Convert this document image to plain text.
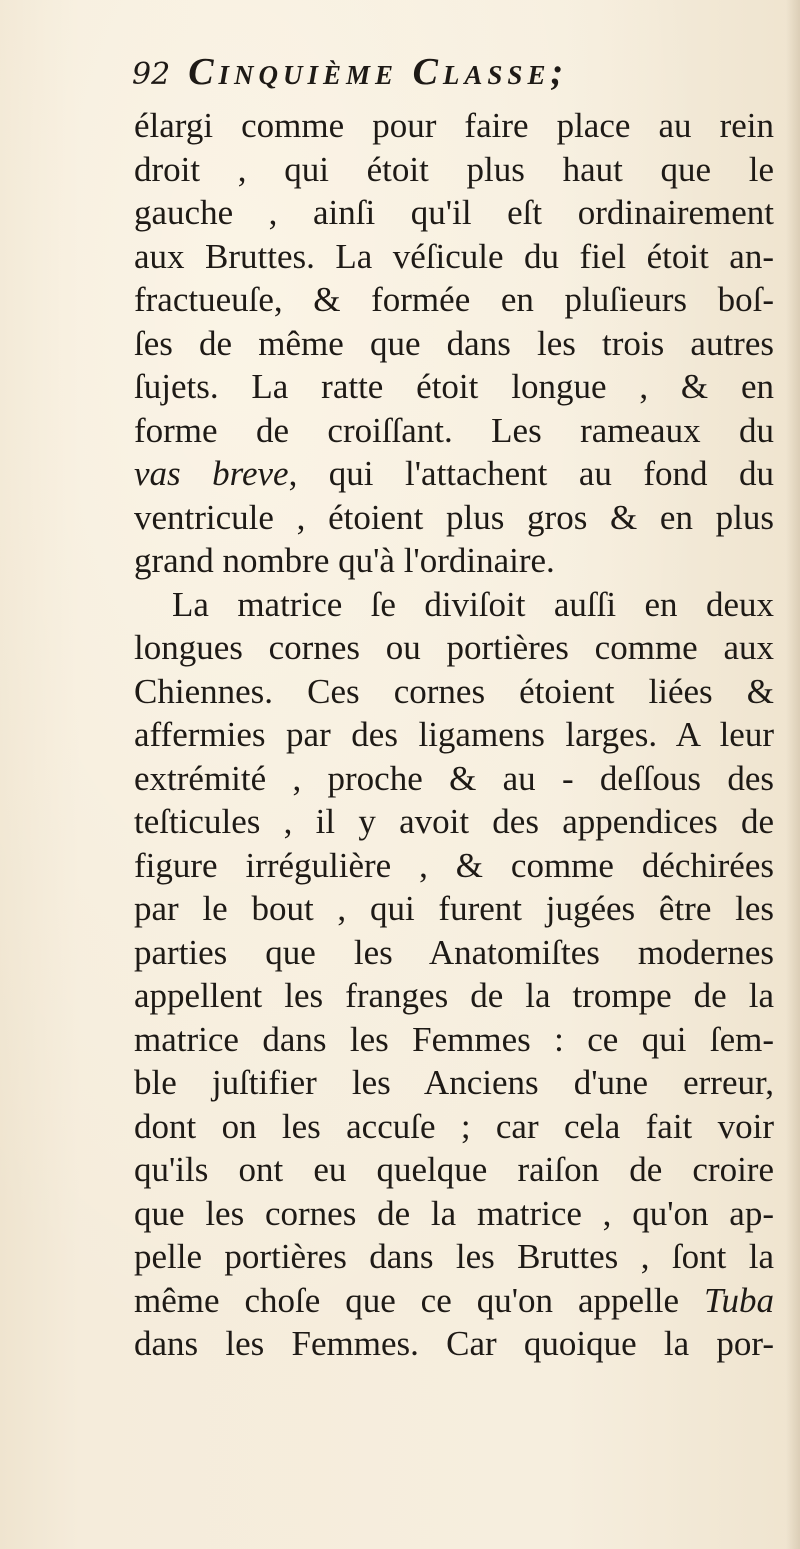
92 Cinquième Classe;
élargi comme pour faire place au rein
droit , qui étoit plus haut que le
gauche , ainſi qu'il eſt ordinairement
aux Bruttes. La véſicule du fiel étoit an-
fractueuſe, & formée en pluſieurs boſ-
ſes de même que dans les trois autres
ſujets. La ratte étoit longue , & en
forme de croiſſant. Les rameaux du
vas breve, qui l'attachent au fond du
ventricule , étoient plus gros & en plus
grand nombre qu'à l'ordinaire.
La matrice ſe diviſoit auſſi en deux
longues cornes ou portières comme aux
Chiennes. Ces cornes étoient liées &
affermies par des ligamens larges. A leur
extrémité , proche & au - deſſous des
teſticules , il y avoit des appendices de
figure irrégulière , & comme déchirées
par le bout , qui furent jugées être les
parties que les Anatomiſtes modernes
appellent les franges de la trompe de la
matrice dans les Femmes : ce qui ſem-
ble juſtifier les Anciens d'une erreur,
dont on les accuſe ; car cela fait voir
qu'ils ont eu quelque raiſon de croire
que les cornes de la matrice , qu'on ap-
pelle portières dans les Bruttes , ſont la
même choſe que ce qu'on appelle Tuba
dans les Femmes. Car quoique la por-
